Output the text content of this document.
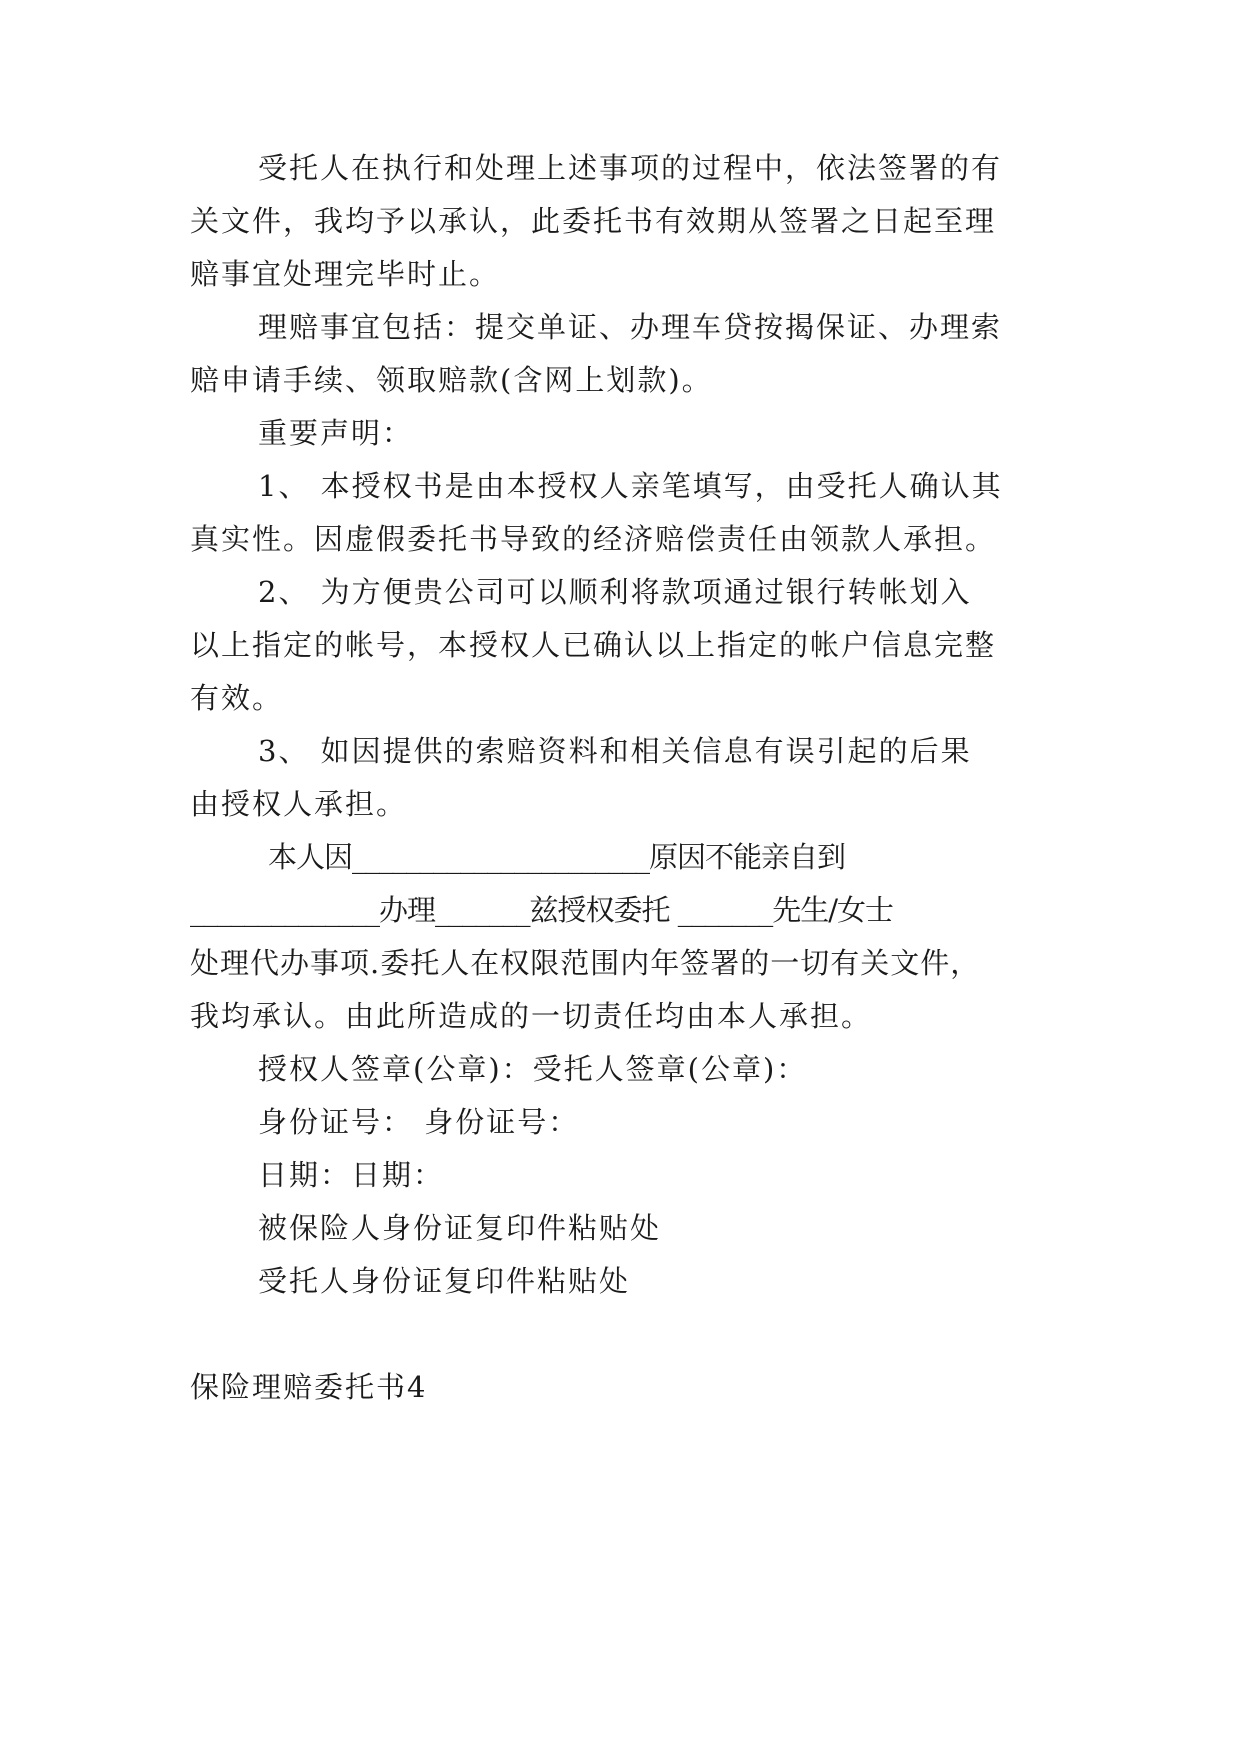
受托人在执行和处理上述事项的过程中，依法签署的有
关文件，我均予以承认，此委托书有效期从签署之日起至理
赔事宜处理完毕时止。
理赔事宜包括：提交单证、办理车贷按揭保证、办理索
赔申请手续、领取赔款(含网上划款)。
重要声明：
1、 本授权书是由本授权人亲笔填写，由受托人确认其
真实性。因虚假委托书导致的经济赔偿责任由领款人承担。
2、 为方便贵公司可以顺利将款项通过银行转帐划入
以上指定的帐号，本授权人已确认以上指定的帐户信息完整
有效。
3、 如因提供的索赔资料和相关信息有误引起的后果
由授权人承担。
本人因______________________原因不能亲自到
______________办理_______兹授权委托 _______先生/女士
处理代办事项.委托人在权限范围内年签署的一切有关文件，
我均承认。由此所造成的一切责任均由本人承担。
授权人签章(公章)：受托人签章(公章)：
身份证号： 身份证号：
日期：日期：
被保险人身份证复印件粘贴处
受托人身份证复印件粘贴处
保险理赔委托书4
